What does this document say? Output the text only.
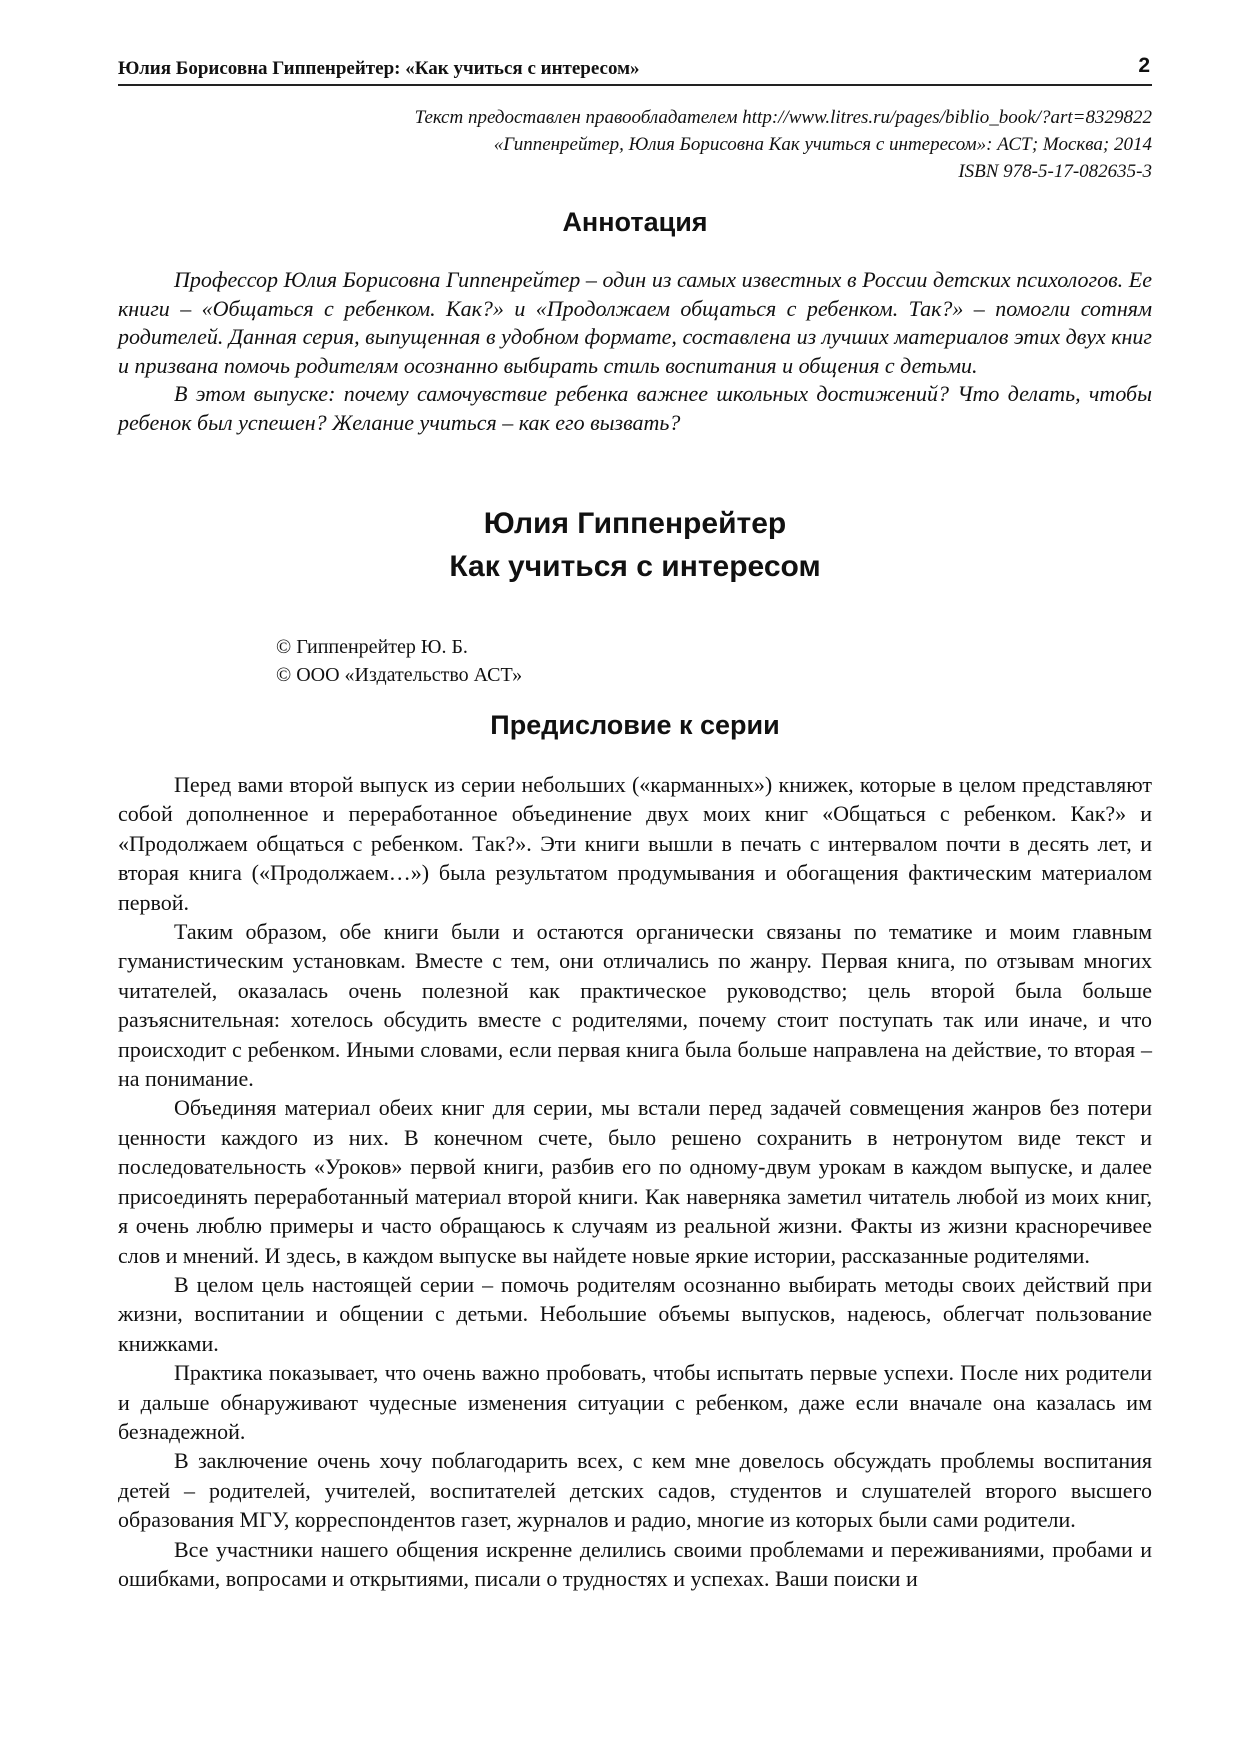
Юлия Борисовна Гиппенрейтер: «Как учиться с интересом»	2
Текст предоставлен правообладателем http://www.litres.ru/pages/biblio_book/?art=8329822
«Гиппенрейтер, Юлия Борисовна Как учиться с интересом»: АСТ; Москва; 2014
ISBN 978-5-17-082635-3
Аннотация

Профессор Юлия Борисовна Гиппенрейтер – один из самых известных в России детских психологов. Ее книги – «Общаться с ребенком. Как?» и «Продолжаем общаться с ребенком. Так?» – помогли сотням родителей. Данная серия, выпущенная в удобном формате, составлена из лучших материалов этих двух книг и призвана помочь родителям осознанно выбирать стиль воспитания и общения с детьми.

В этом выпуске: почему самочувствие ребенка важнее школьных достижений? Что делать, чтобы ребенок был успешен? Желание учиться – как его вызвать?

Юлия Гиппенрейтер
Как учиться с интересом
© Гиппенрейтер Ю. Б.
© ООО «Издательство АСТ»
Предисловие к серии

Перед вами второй выпуск из серии небольших («карманных») книжек, которые в целом представляют собой дополненное и переработанное объединение двух моих книг «Общаться с ребенком. Как?» и «Продолжаем общаться с ребенком. Так?». Эти книги вышли в печать с интервалом почти в десять лет, и вторая книга («Продолжаем…») была результатом продумывания и обогащения фактическим материалом первой.

Таким образом, обе книги были и остаются органически связаны по тематике и моим главным гуманистическим установкам. Вместе с тем, они отличались по жанру. Первая книга, по отзывам многих читателей, оказалась очень полезной как практическое руководство; цель второй была больше разъяснительная: хотелось обсудить вместе с родителями, почему стоит поступать так или иначе, и что происходит с ребенком. Иными словами, если первая книга была больше направлена на действие, то вторая – на понимание.

Объединяя материал обеих книг для серии, мы встали перед задачей совмещения жанров без потери ценности каждого из них. В конечном счете, было решено сохранить в нетронутом виде текст и последовательность «Уроков» первой книги, разбив его по одному-двум урокам в каждом выпуске, и далее присоединять переработанный материал второй книги. Как наверняка заметил читатель любой из моих книг, я очень люблю примеры и часто обращаюсь к случаям из реальной жизни. Факты из жизни красноречивее слов и мнений. И здесь, в каждом выпуске вы найдете новые яркие истории, рассказанные родителями.

В целом цель настоящей серии – помочь родителям осознанно выбирать методы своих действий при жизни, воспитании и общении с детьми. Небольшие объемы выпусков, надеюсь, облегчат пользование книжками.

Практика показывает, что очень важно пробовать, чтобы испытать первые успехи. После них родители и дальше обнаруживают чудесные изменения ситуации с ребенком, даже если вначале она казалась им безнадежной.

В заключение очень хочу поблагодарить всех, с кем мне довелось обсуждать проблемы воспитания детей – родителей, учителей, воспитателей детских садов, студентов и слушателей второго высшего образования МГУ, корреспондентов газет, журналов и радио, многие из которых были сами родители.

Все участники нашего общения искренне делились своими проблемами и переживаниями, пробами и ошибками, вопросами и открытиями, писали о трудностях и успехах. Ваши поиски и
